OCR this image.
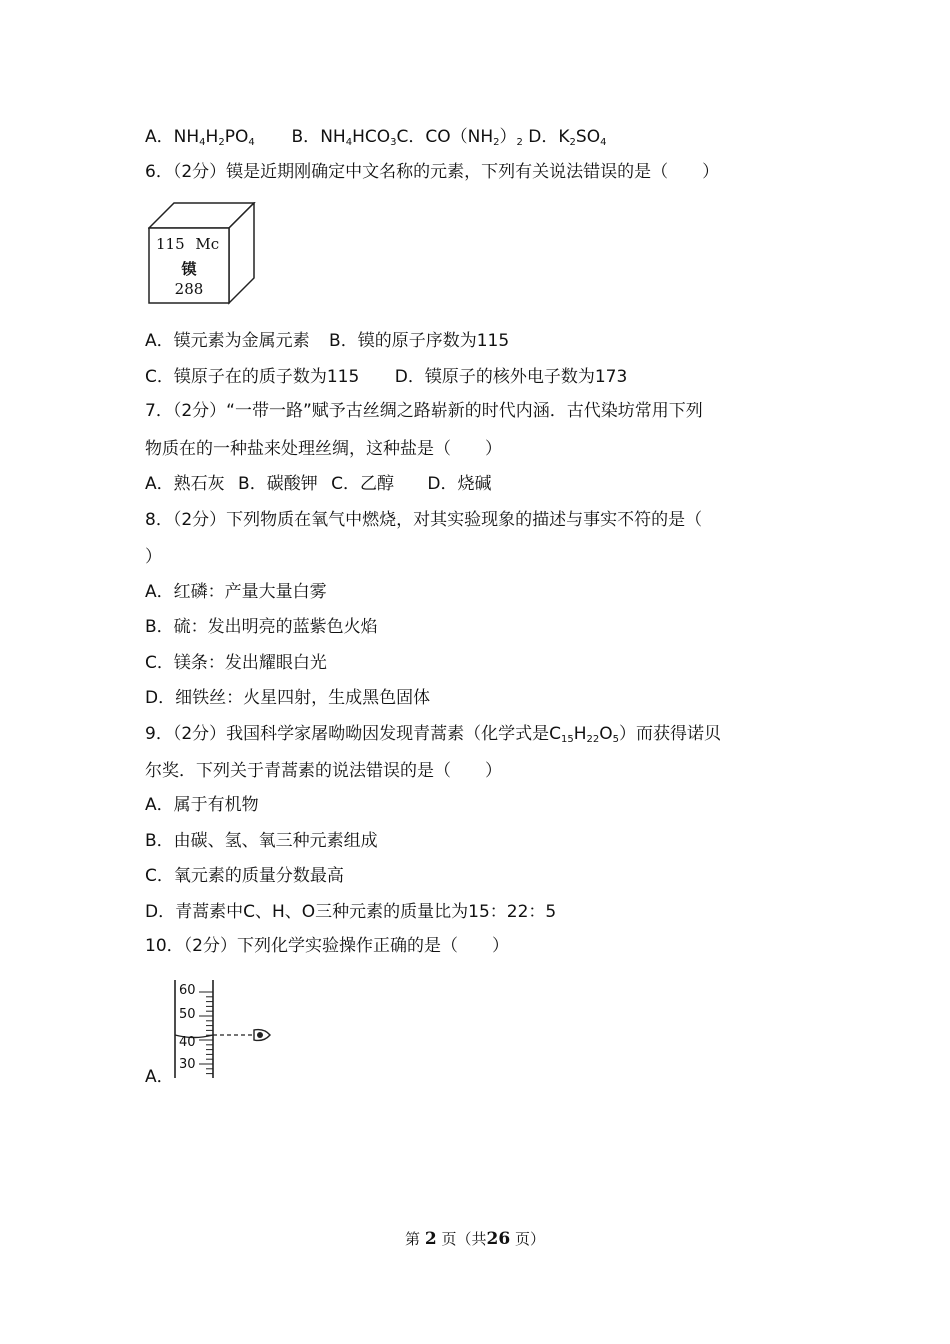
A．$NH_4H_2PO_4$ B．$NH_4HCO_3C$．$CO(NH_2)_2$ D．$K_2SO_4$
6．（2分）镆是近期刚确定中文名称的元素，下列有关说法错误的是（　　）
115 Mc
镆
288
A．镆元素为金属元素 B．镆的原子序数为115
C．镆原子在的质子数为115 D．镆原子的核外电子数为173
7．（2分）“一带一路”赋予古丝绸之路崭新的时代内涵．古代染坊常用下列
物质在的一种盐来处理丝绸，这种盐是（　　）
A．熟石灰 B．碳酸钾 C．乙醇 D．烧碱
8．（2分）下列物质在氧气中燃烧，对其实验现象的描述与事实不符的是（
）
A．红磷：产量大量白雾
B．硫：发出明亮的蓝紫色火焰
C．镁条：发出耀眼白光
D．细铁丝：火星四射，生成黑色固体
9．（2分）我国科学家屠呦呦因发现青蒿素（化学式是$C_{15}H_{22}O_5$）而获得诺贝
尔奖．下列关于青蒿素的说法错误的是（　　）
A．属于有机物
B．由碳、氢、氧三种元素组成
C．氧元素的质量分数最高
D．青蒿素中C、H、O三种元素的质量比为15：22：5
10．（2分）下列化学实验操作正确的是（　　）
A．
60
50
40
30
第 2 页（共26 页）
